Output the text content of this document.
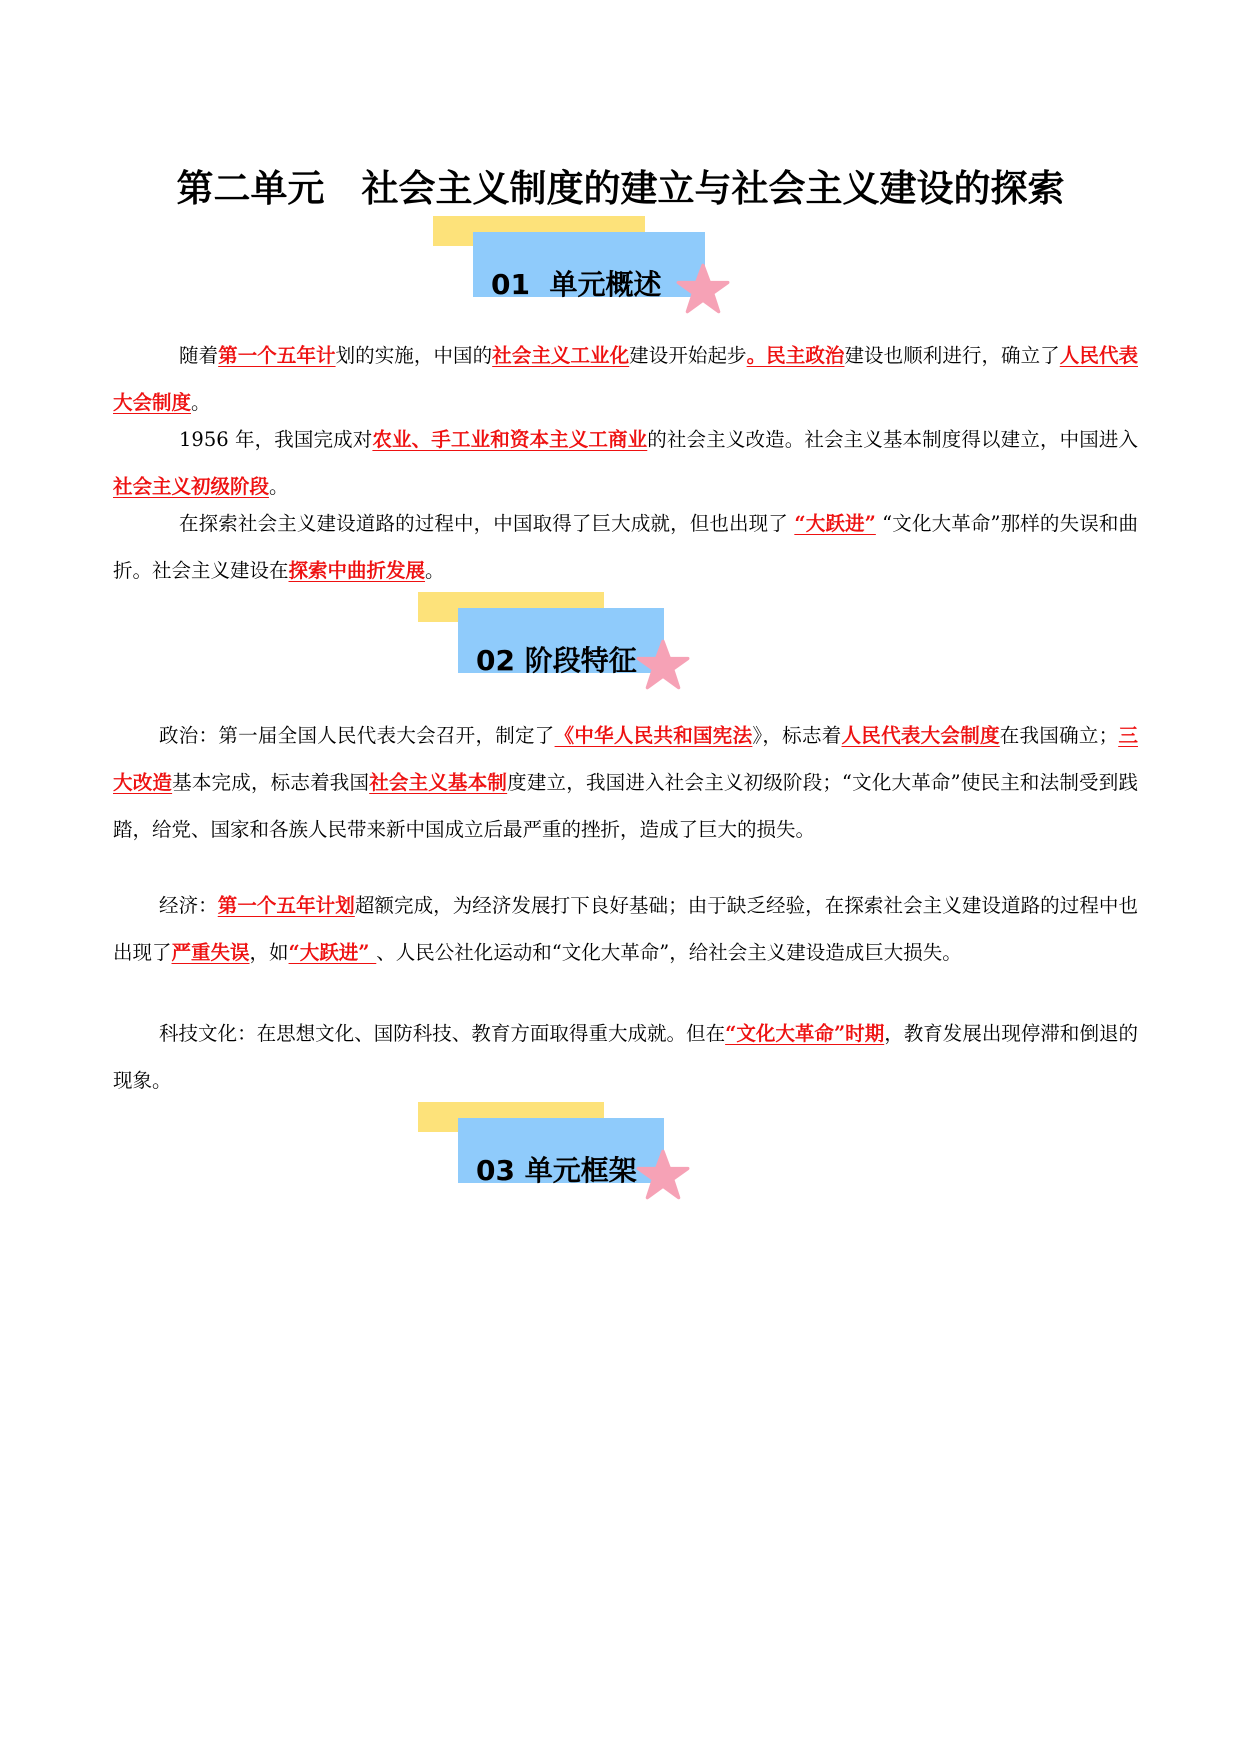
第二单元　社会主义制度的建立与社会主义建设的探索
01  单元概述
随着第一个五年计划的实施，中国的社会主义工业化建设开始起步。民主政治建设也顺利进行，确立了人民代表大会制度。
1956 年，我国完成对农业、手工业和资本主义工商业的社会主义改造。社会主义基本制度得以建立，中国进入社会主义初级阶段。
在探索社会主义建设道路的过程中，中国取得了巨大成就，但也出现了 “大跃进” “文化大革命”那样的失误和曲折。社会主义建设在探索中曲折发展。
02 阶段特征
政治：第一届全国人民代表大会召开，制定了《中华人民共和国宪法》，标志着人民代表大会制度在我国确立；三大改造基本完成，标志着我国社会主义基本制度建立，我国进入社会主义初级阶段；“文化大革命”使民主和法制受到践踏，给党、国家和各族人民带来新中国成立后最严重的挫折，造成了巨大的损失。
经济：第一个五年计划超额完成，为经济发展打下良好基础；由于缺乏经验，在探索社会主义建设道路的过程中也出现了严重失误，如“大跃进” 、人民公社化运动和“文化大革命”，给社会主义建设造成巨大损失。
科技文化：在思想文化、国防科技、教育方面取得重大成就。但在“文化大革命”时期，教育发展出现停滞和倒退的现象。
03 单元框架
